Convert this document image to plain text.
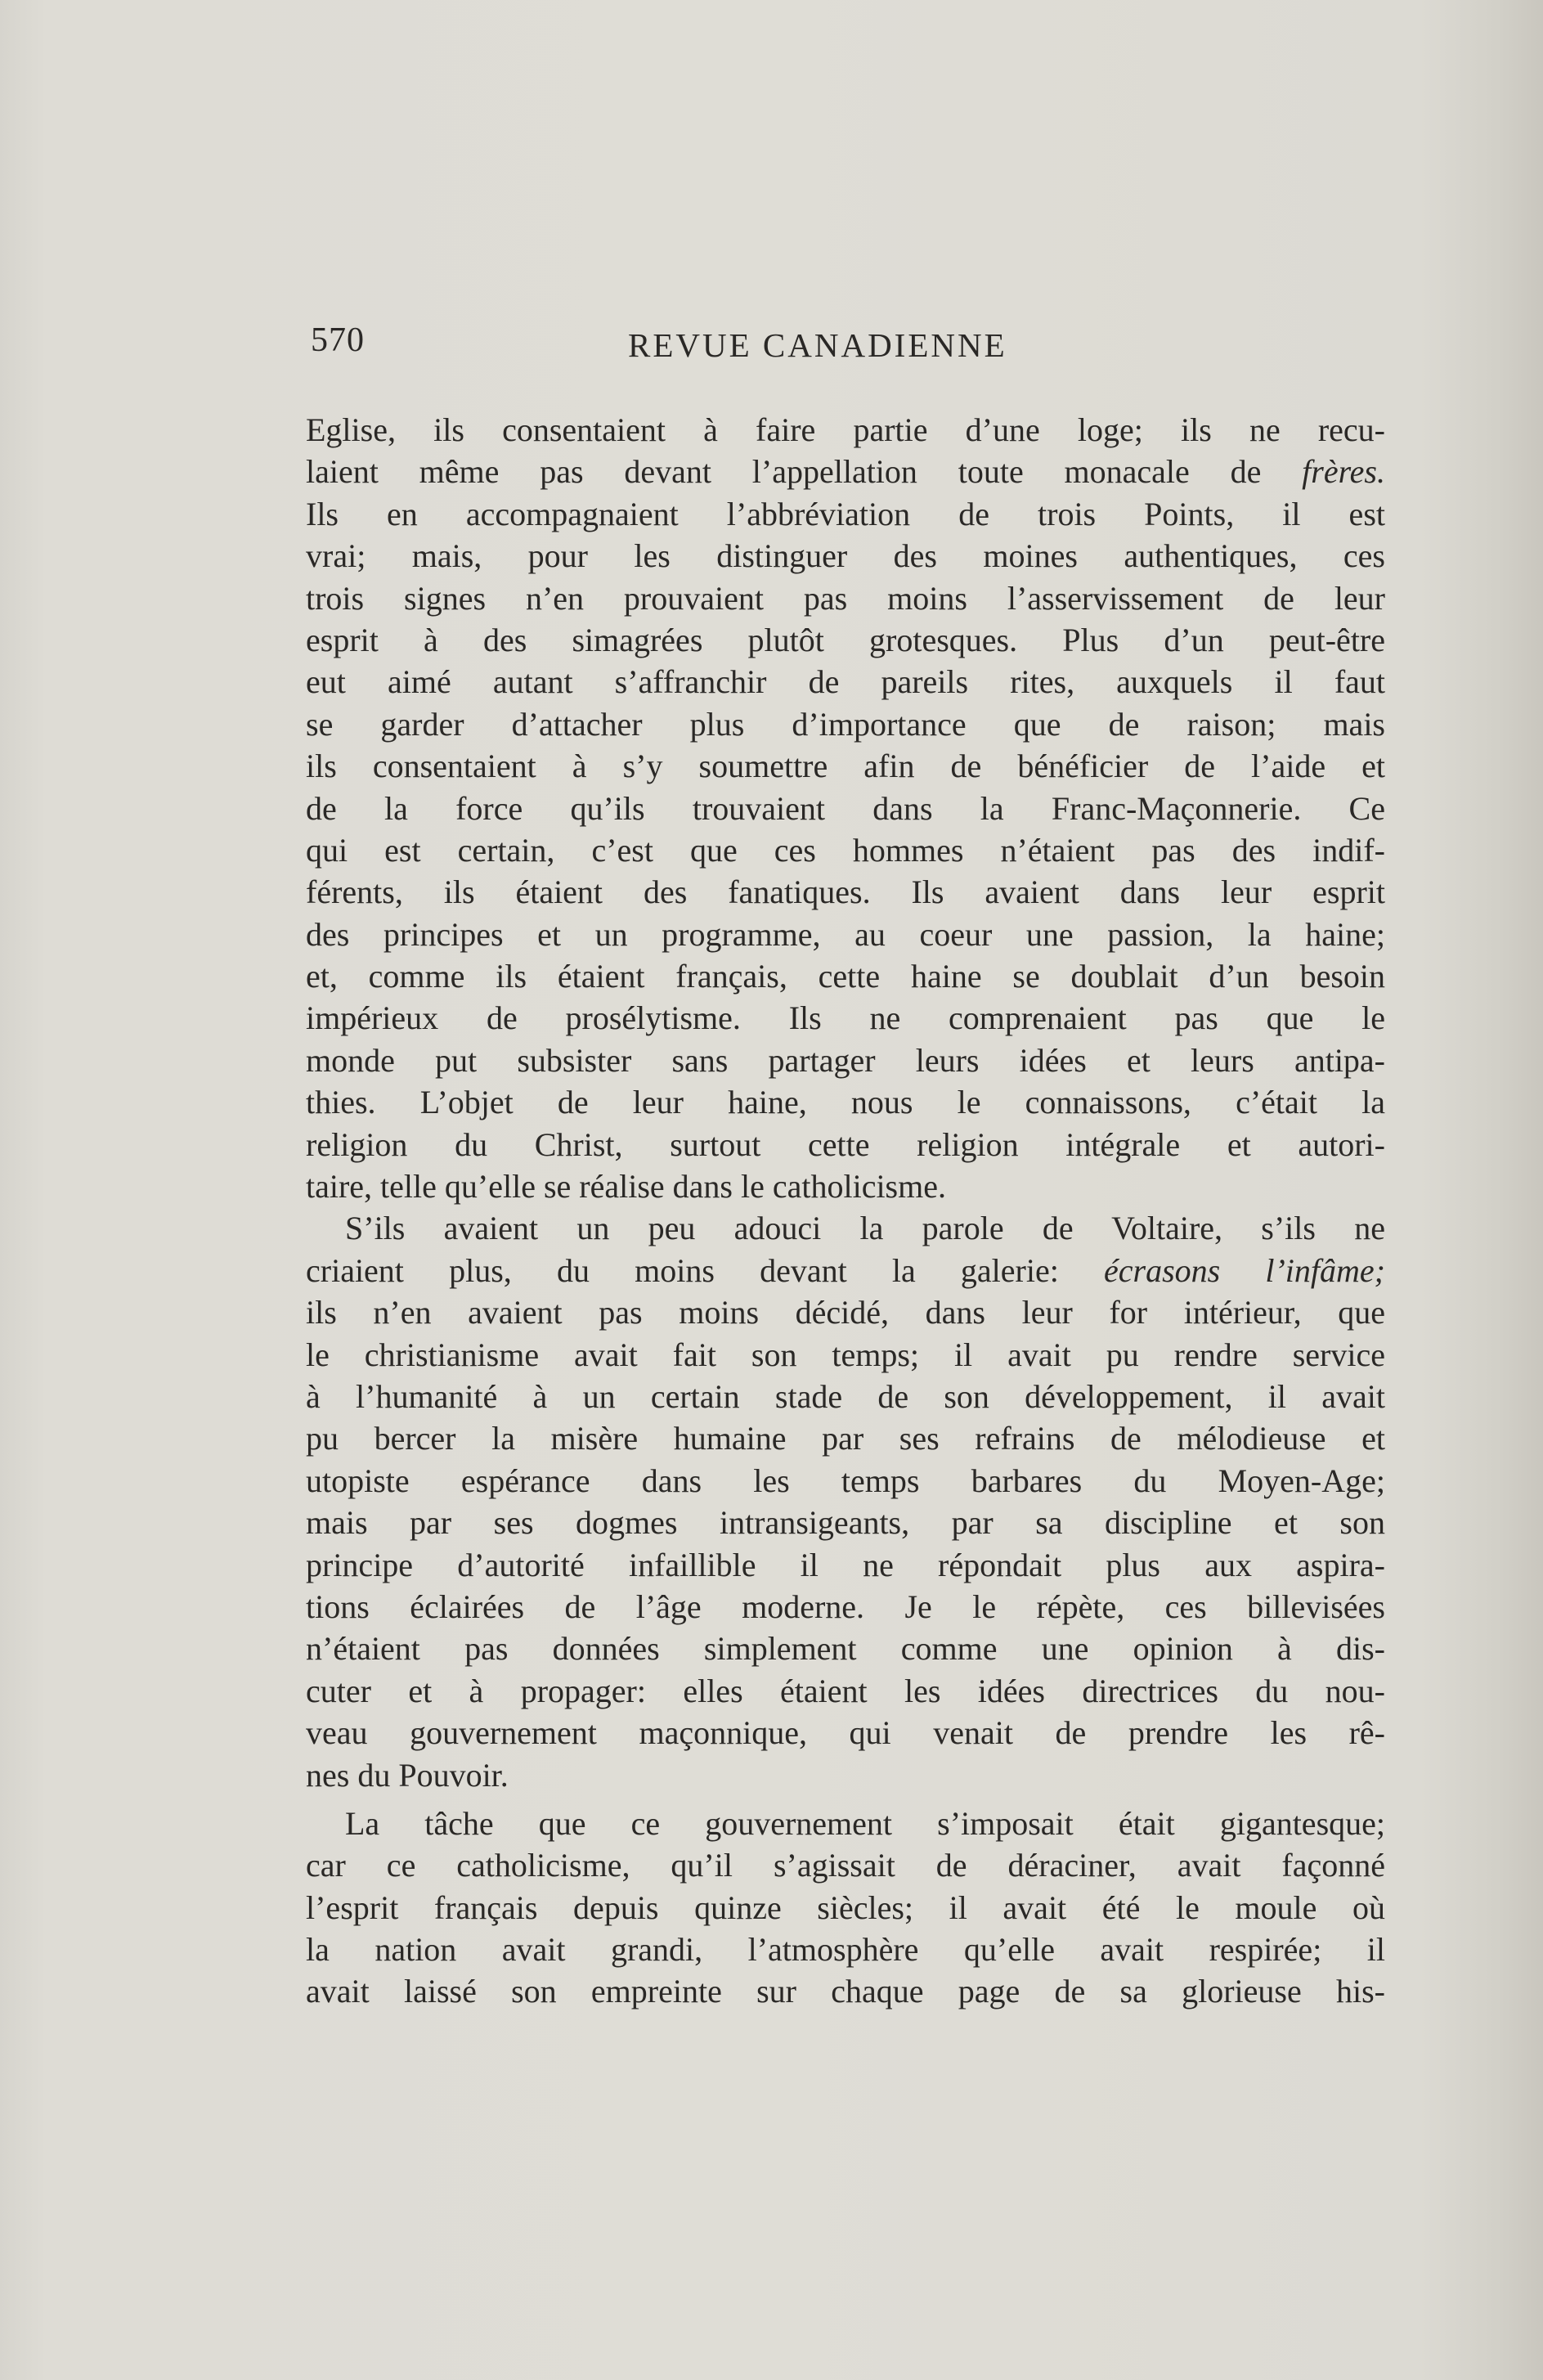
570	REVUE CANADIENNE
Eglise, ils consentaient à faire partie d’une loge; ils ne recu-
laient même pas devant l’appellation toute monacale de frères.
Ils en accompagnaient l’abbréviation de trois Points, il est
vrai; mais, pour les distinguer des moines authentiques, ces
trois signes n’en prouvaient pas moins l’asservissement de leur
esprit à des simagrées plutôt grotesques. Plus d’un peut-être
eut aimé autant s’affranchir de pareils rites, auxquels il faut
se garder d’attacher plus d’importance que de raison; mais
ils consentaient à s’y soumettre afin de bénéficier de l’aide et
de la force qu’ils trouvaient dans la Franc-Maçonnerie. Ce
qui est certain, c’est que ces hommes n’étaient pas des indif-
férents, ils étaient des fanatiques. Ils avaient dans leur esprit
des principes et un programme, au coeur une passion, la haine;
et, comme ils étaient français, cette haine se doublait d’un besoin
impérieux de prosélytisme. Ils ne comprenaient pas que le
monde put subsister sans partager leurs idées et leurs antipa-
thies. L’objet de leur haine, nous le connaissons, c’était la
religion du Christ, surtout cette religion intégrale et autori-
taire, telle qu’elle se réalise dans le catholicisme.
S’ils avaient un peu adouci la parole de Voltaire, s’ils ne
criaient plus, du moins devant la galerie: écrasons l’infâme;
ils n’en avaient pas moins décidé, dans leur for intérieur, que
le christianisme avait fait son temps; il avait pu rendre service
à l’humanité à un certain stade de son développement, il avait
pu bercer la misère humaine par ses refrains de mélodieuse et
utopiste espérance dans les temps barbares du Moyen-Age;
mais par ses dogmes intransigeants, par sa discipline et son
principe d’autorité infaillible il ne répondait plus aux aspira-
tions éclairées de l’âge moderne. Je le répète, ces billevisées
n’étaient pas données simplement comme une opinion à dis-
cuter et à propager: elles étaient les idées directrices du nou-
veau gouvernement maçonnique, qui venait de prendre les rê-
nes du Pouvoir.
La tâche que ce gouvernement s’imposait était gigantesque;
car ce catholicisme, qu’il s’agissait de déraciner, avait façonné
l’esprit français depuis quinze siècles; il avait été le moule où
la nation avait grandi, l’atmosphère qu’elle avait respirée; il
avait laissé son empreinte sur chaque page de sa glorieuse his-
